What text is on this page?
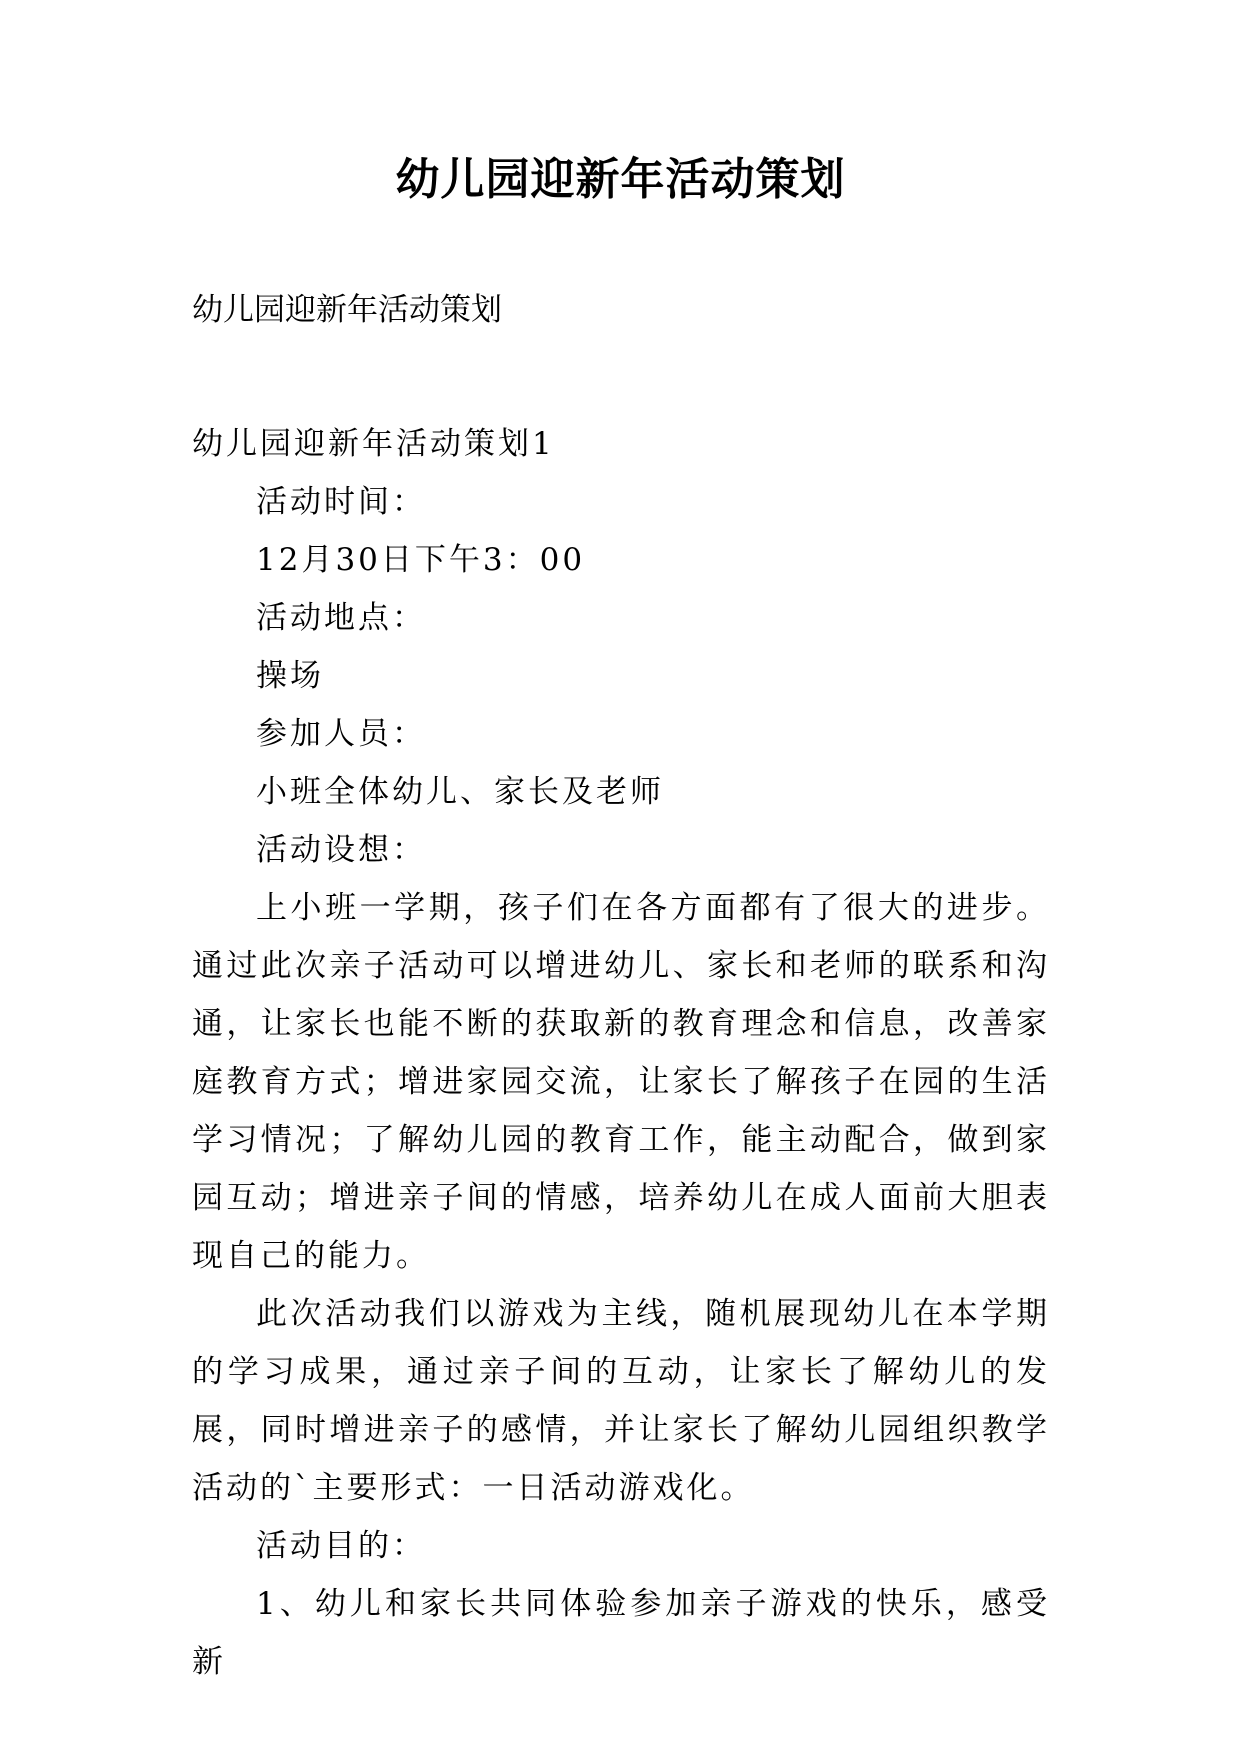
幼儿园迎新年活动策划
幼儿园迎新年活动策划

幼儿园迎新年活动策划1

活动时间：

12月30日下午3：00

活动地点：

操场

参加人员：

小班全体幼儿、家长及老师

活动设想：

上小班一学期，孩子们在各方面都有了很大的进步。通过此次亲子活动可以增进幼儿、家长和老师的联系和沟通，让家长也能不断的获取新的教育理念和信息，改善家庭教育方式；增进家园交流，让家长了解孩子在园的生活学习情况；了解幼儿园的教育工作，能主动配合，做到家园互动；增进亲子间的情感，培养幼儿在成人面前大胆表现自己的能力。

此次活动我们以游戏为主线，随机展现幼儿在本学期的学习成果，通过亲子间的互动，让家长了解幼儿的发展，同时增进亲子的感情，并让家长了解幼儿园组织教学活动的`主要形式：一日活动游戏化。

活动目的：

1、幼儿和家长共同体验参加亲子游戏的快乐，感受新
